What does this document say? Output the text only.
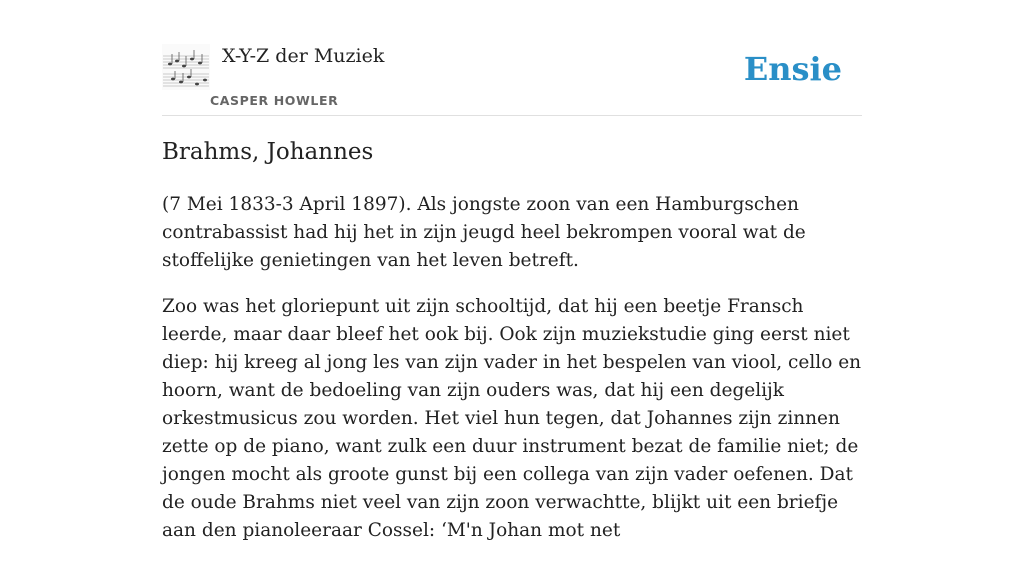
X-Y-Z der Muziek
CASPER HOWLER
Ensie
Brahms, Johannes

(7 Mei 1833-3 April 1897). Als jongste zoon van een Hamburgschen contrabassist had hij het in zijn jeugd heel bekrompen vooral wat de stoffelijke genietingen van het leven betreft.

Zoo was het gloriepunt uit zijn schooltijd, dat hij een beetje Fransch leerde, maar daar bleef het ook bij. Ook zijn muziekstudie ging eerst niet diep: hij kreeg al jong les van zijn vader in het bespelen van viool, cello en hoorn, want de bedoeling van zijn ouders was, dat hij een degelijk orkestmusicus zou worden. Het viel hun tegen, dat Johannes zijn zinnen zette op de piano, want zulk een duur instrument bezat de familie niet; de jongen mocht als groote gunst bij een collega van zijn vader oefenen. Dat de oude Brahms niet veel van zijn zoon verwachtte, blijkt uit een briefje aan den pianoleeraar Cossel: ‘M'n Johan mot net
